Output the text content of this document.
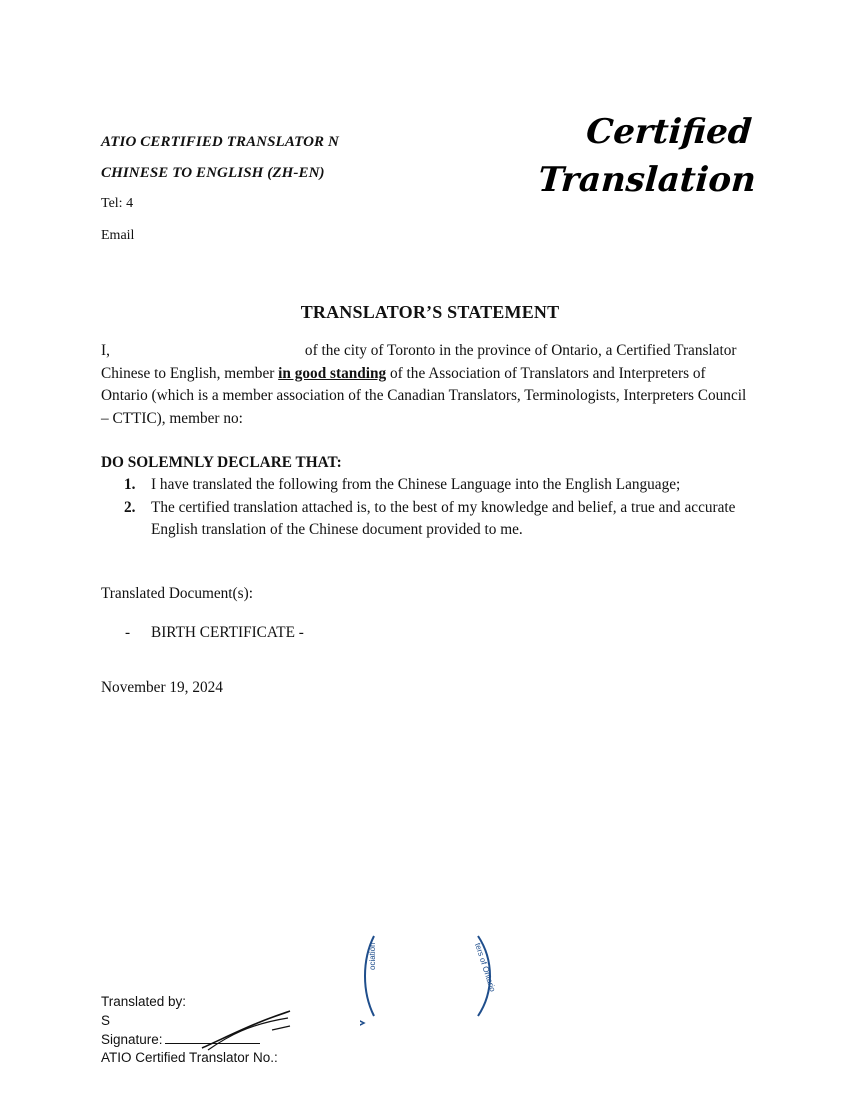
ATIO CERTIFIED TRANSLATOR N
CHINESE TO ENGLISH (ZH-EN)
Tel: 4
Email
Certified
Translation
TRANSLATOR’S STATEMENT
I,	of the city of Toronto in the province of Ontario, a Certified Translator Chinese to English, member in good standing of the Association of Translators and Interpreters of Ontario (which is a member association of the Canadian Translators, Terminologists, Interpreters Council – CTTIC), member no:
DO SOLEMNLY DECLARE THAT:
1. I have translated the following from the Chinese Language into the English Language;
2. The certified translation attached is, to the best of my knowledge and belief, a true and accurate English translation of the Chinese document provided to me.
Translated Document(s):
- BIRTH CERTIFICATE -
November 19, 2024
ociation	ters of Ontario
Translated by:
S
Signature:
ATIO Certified Translator No.:
